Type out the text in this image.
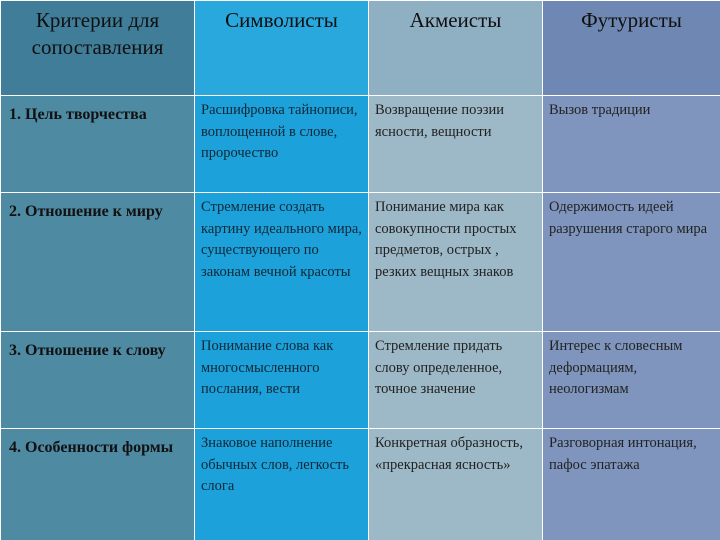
Критерии для сопоставления	Символисты	Акмеисты	Футуристы

1. Цель творчества	Расшифровка тайнописи, воплощенной в слове, пророчество	Возвращение поэзии ясности, вещности	Вызов традиции

2. Отношение к миру	Стремление создать картину идеального мира, существующего по законам вечной красоты	Понимание мира как совокупности простых предметов, острых , резких вещных знаков	Одержимость идеей разрушения старого мира

3. Отношение к слову	Понимание слова как многосмысленного послания, вести	Стремление придать слову определенное, точное значение	Интерес к словесным деформациям, неологизмам

4. Особенности формы	Знаковое наполнение обычных слов, легкость слога	Конкретная образность, «прекрасная ясность»	Разговорная интонация, пафос эпатажа
